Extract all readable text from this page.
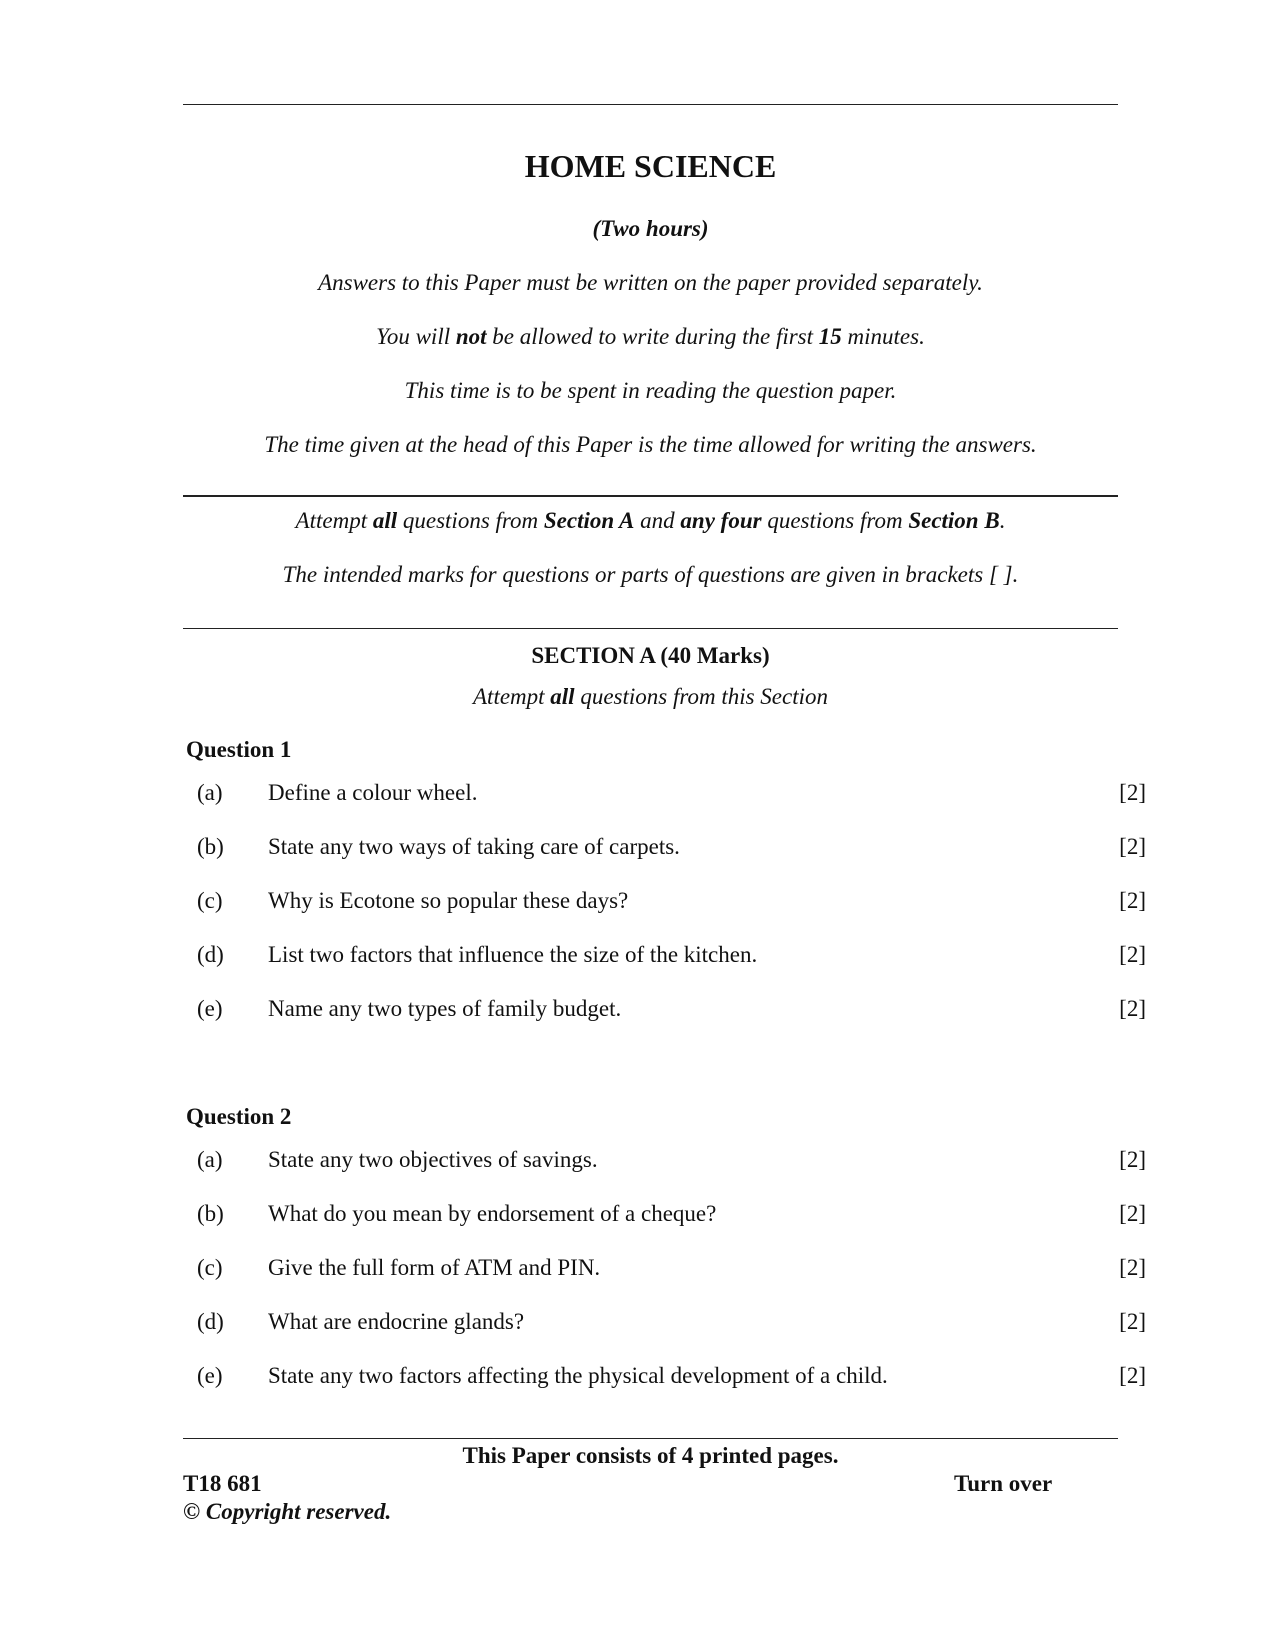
HOME SCIENCE
(Two hours)
Answers to this Paper must be written on the paper provided separately.
You will not be allowed to write during the first 15 minutes.
This time is to be spent in reading the question paper.
The time given at the head of this Paper is the time allowed for writing the answers.
Attempt all questions from Section A and any four questions from Section B.
The intended marks for questions or parts of questions are given in brackets [ ].
SECTION A (40 Marks)
Attempt all questions from this Section
Question 1
(a) Define a colour wheel.	[2]
(b) State any two ways of taking care of carpets.	[2]
(c) Why is Ecotone so popular these days?	[2]
(d) List two factors that influence the size of the kitchen.	[2]
(e) Name any two types of family budget.	[2]
Question 2
(a) State any two objectives of savings.	[2]
(b) What do you mean by endorsement of a cheque?	[2]
(c) Give the full form of ATM and PIN.	[2]
(d) What are endocrine glands?	[2]
(e) State any two factors affecting the physical development of a child.	[2]
This Paper consists of 4 printed pages.
T18 681	Turn over
© Copyright reserved.
